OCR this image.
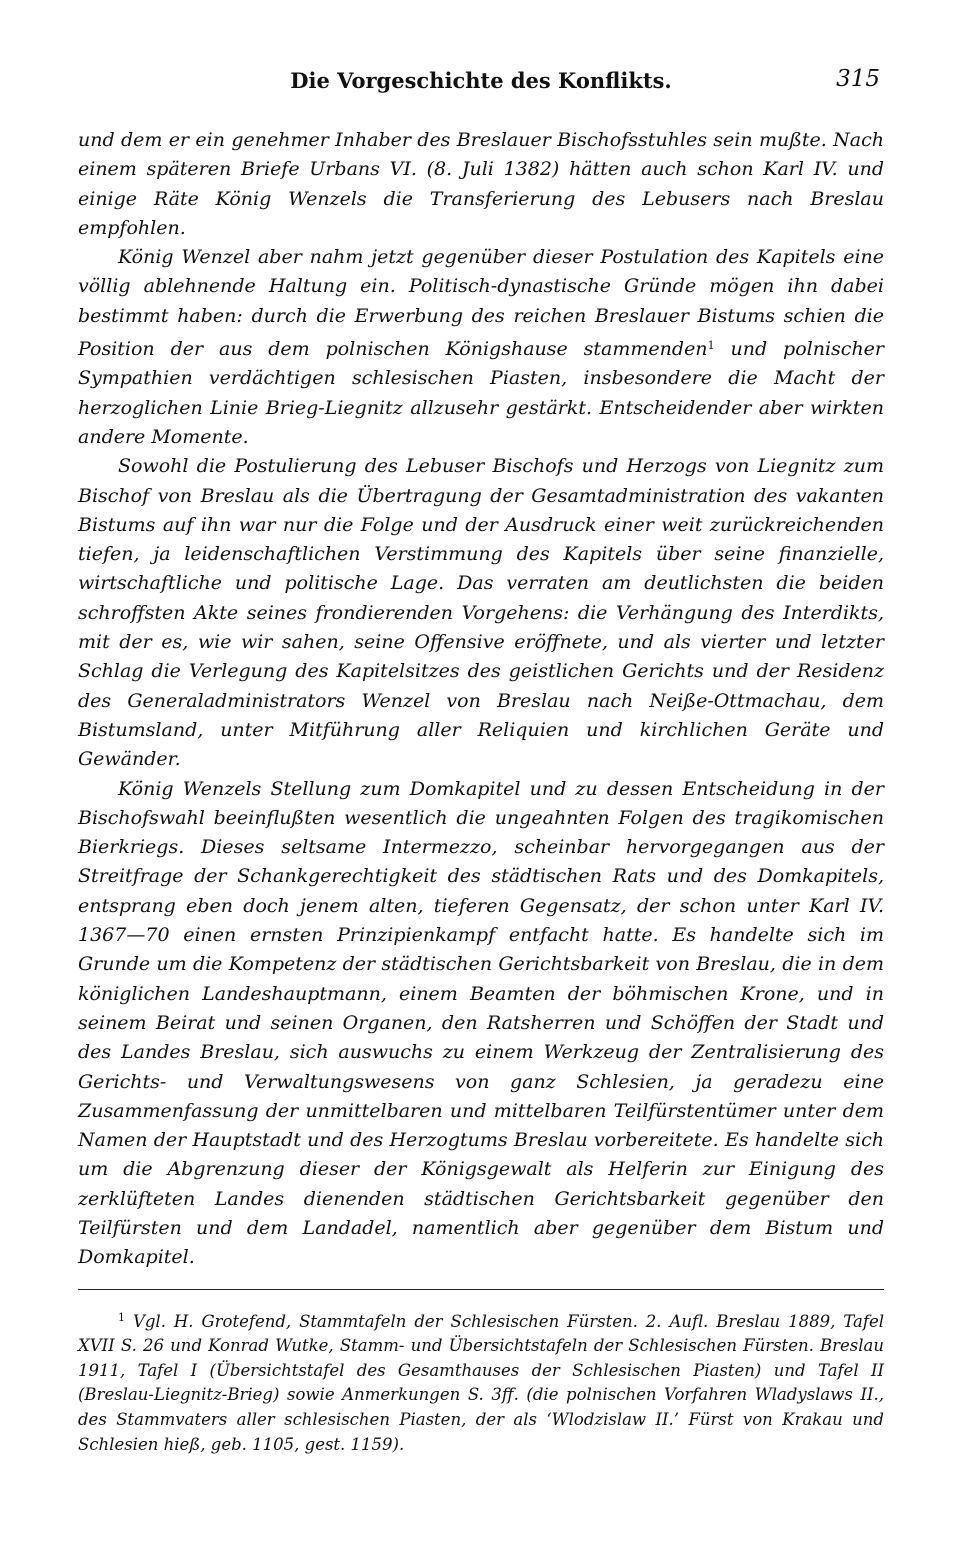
Die Vorgeschichte des Konflikts.	315

und dem er ein genehmer Inhaber des Breslauer Bischofsstuhles sein mußte. Nach einem späteren Briefe Urbans VI. (8. Juli 1382) hätten auch schon Karl IV. und einige Räte König Wenzels die Transferierung des Lebusers nach Breslau empfohlen.

König Wenzel aber nahm jetzt gegenüber dieser Postulation des Kapitels eine völlig ablehnende Haltung ein. Politisch-dynastische Gründe mögen ihn dabei bestimmt haben: durch die Erwerbung des reichen Breslauer Bistums schien die Position der aus dem polnischen Königshause stammenden$^1$ und polnischer Sympathien verdächtigen schlesischen Piasten, insbesondere die Macht der herzoglichen Linie Brieg-Liegnitz allzusehr gestärkt. Entscheidender aber wirkten andere Momente.

Sowohl die Postulierung des Lebuser Bischofs und Herzogs von Liegnitz zum Bischof von Breslau als die Übertragung der Gesamtadministration des vakanten Bistums auf ihn war nur die Folge und der Ausdruck einer weit zurückreichenden tiefen, ja leidenschaftlichen Verstimmung des Kapitels über seine finanzielle, wirtschaftliche und politische Lage. Das verraten am deutlichsten die beiden schroffsten Akte seines frondierenden Vorgehens: die Verhängung des Interdikts, mit der es, wie wir sahen, seine Offensive eröffnete, und als vierter und letzter Schlag die Verlegung des Kapitelsitzes des geistlichen Gerichts und der Residenz des Generaladministrators Wenzel von Breslau nach Neiße-Ottmachau, dem Bistumsland, unter Mitführung aller Reliquien und kirchlichen Geräte und Gewänder.

König Wenzels Stellung zum Domkapitel und zu dessen Entscheidung in der Bischofswahl beeinflußten wesentlich die ungeahnten Folgen des tragikomischen Bierkriegs. Dieses seltsame Intermezzo, scheinbar hervorgegangen aus der Streitfrage der Schankgerechtigkeit des städtischen Rats und des Domkapitels, entsprang eben doch jenem alten, tieferen Gegensatz, der schon unter Karl IV. 1367—70 einen ernsten Prinzipienkampf entfacht hatte. Es handelte sich im Grunde um die Kompetenz der städtischen Gerichtsbarkeit von Breslau, die in dem königlichen Landeshauptmann, einem Beamten der böhmischen Krone, und in seinem Beirat und seinen Organen, den Ratsherren und Schöffen der Stadt und des Landes Breslau, sich auswuchs zu einem Werkzeug der Zentralisierung des Gerichts- und Verwaltungswesens von ganz Schlesien, ja geradezu eine Zusammenfassung der unmittelbaren und mittelbaren Teilfürstentümer unter dem Namen der Hauptstadt und des Herzogtums Breslau vorbereitete. Es handelte sich um die Abgrenzung dieser der Königsgewalt als Helferin zur Einigung des zerklüfteten Landes dienenden städtischen Gerichtsbarkeit gegenüber den Teilfürsten und dem Landadel, namentlich aber gegenüber dem Bistum und Domkapitel.

$^1$ Vgl. H. Grotefend, Stammtafeln der Schlesischen Fürsten. 2. Aufl. Breslau 1889, Tafel XVII S. 26 und Konrad Wutke, Stamm- und Übersichtstafeln der Schlesischen Fürsten. Breslau 1911, Tafel I (Übersichtstafel des Gesamthauses der Schlesischen Piasten) und Tafel II (Breslau-Liegnitz-Brieg) sowie Anmerkungen S. 3ff. (die polnischen Vorfahren Wladyslaws II., des Stammvaters aller schlesischen Piasten, der als ‘Wlodzislaw II.’ Fürst von Krakau und Schlesien hieß, geb. 1105, gest. 1159).
